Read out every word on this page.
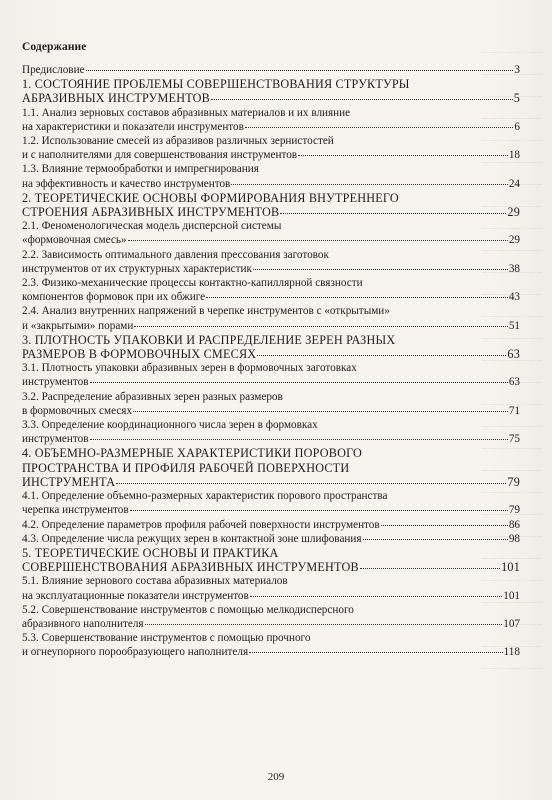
Содержание
Предисловие	3
1. СОСТОЯНИЕ ПРОБЛЕМЫ СОВЕРШЕНСТВОВАНИЯ СТРУКТУРЫ
АБРАЗИВНЫХ ИНСТРУМЕНТОВ	5
1.1. Анализ зерновых составов абразивных материалов и их влияние
на характеристики и показатели инструментов	6
1.2. Использование смесей из абразивов различных зернистостей
и с наполнителями для совершенствования инструментов	18
1.3. Влияние термообработки и импрегнирования
на эффективность и качество инструментов	24
2. ТЕОРЕТИЧЕСКИЕ ОСНОВЫ ФОРМИРОВАНИЯ ВНУТРЕННЕГО
СТРОЕНИЯ АБРАЗИВНЫХ ИНСТРУМЕНТОВ	29
2.1. Феноменологическая модель дисперсной системы
«формовочная смесь»	29
2.2. Зависимость оптимального давления прессования заготовок
инструментов от их структурных характеристик	38
2.3. Физико-механические процессы контактно-капиллярной связности
компонентов формовок при их обжиге	43
2.4. Анализ внутренних напряжений в черепке инструментов с «открытыми»
и «закрытыми» порами	51
3. ПЛОТНОСТЬ УПАКОВКИ И РАСПРЕДЕЛЕНИЕ ЗЕРЕН РАЗНЫХ
РАЗМЕРОВ В ФОРМОВОЧНЫХ СМЕСЯХ	63
3.1. Плотность упаковки абразивных зерен в формовочных заготовках
инструментов	63
3.2. Распределение абразивных зерен разных размеров
в формовочных смесях	71
3.3. Определение координационного числа зерен в формовках
инструментов	75
4. ОБЪЕМНО-РАЗМЕРНЫЕ ХАРАКТЕРИСТИКИ ПОРОВОГО
ПРОСТРАНСТВА И ПРОФИЛЯ РАБОЧЕЙ ПОВЕРХНОСТИ
ИНСТРУМЕНТА	79
4.1. Определение объемно-размерных характеристик порового пространства
черепка инструментов	79
4.2. Определение параметров профиля рабочей поверхности инструментов	86
4.3. Определение числа режущих зерен в контактной зоне шлифования	98
5. ТЕОРЕТИЧЕСКИЕ ОСНОВЫ И ПРАКТИКА
СОВЕРШЕНСТВОВАНИЯ АБРАЗИВНЫХ ИНСТРУМЕНТОВ	101
5.1. Влияние зернового состава абразивных материалов
на эксплуатационные показатели инструментов	101
5.2. Совершенствование инструментов с помощью мелкодисперсного
абразивного наполнителя	107
5.3. Совершенствование инструментов с помощью прочного
и огнеупорного порообразующего наполнителя	118
209
